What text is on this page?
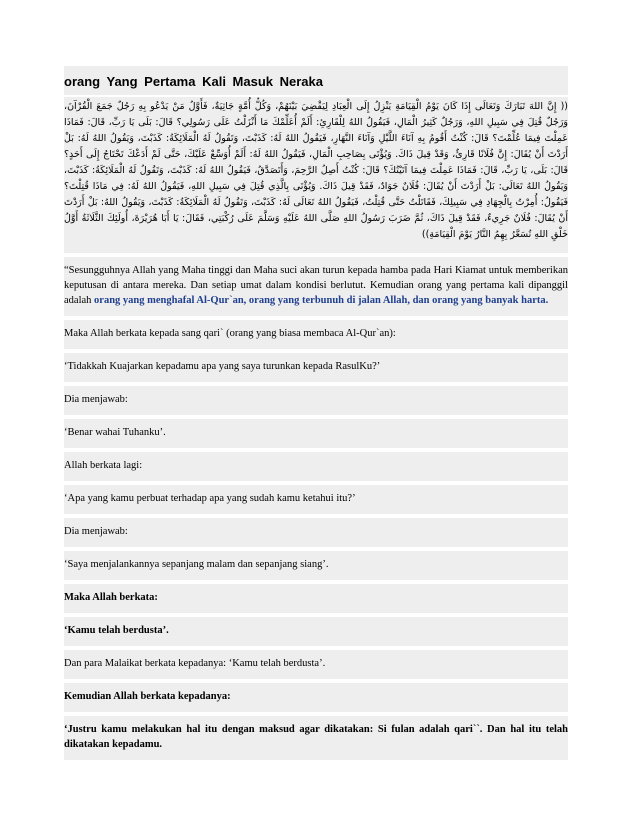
orang Yang Pertama Kali Masuk Neraka
(( إِنَّ اللهَ تَبَارَكَ وَتَعَالَى إِذَا كَانَ يَوْمُ الْقِيَامَةِ يَنْزِلُ إِلَى الْعِبَادِ لِيَقْضِيَ بَيْنَهُمْ، وَكُلُّ أُمَّةٍ جَاثِيَةٌ، فَأَوَّلُ مَنْ يَدْعُو بِهِ رَجُلٌ جَمَعَ الْقُرْآنَ، وَرَجُلٌ قُتِلَ فِي سَبِيلِ اللهِ، وَرَجُلٌ كَثِيرُ الْمَالِ، فَيَقُولُ اللهُ لِلْقَارِئِ: أَلَمْ أُعَلِّمْكَ مَا أَنْزَلْتُ عَلَى رَسُولِي؟ قَالَ: بَلَى يَا رَبِّ، قَالَ: فَمَاذَا عَمِلْتَ فِيمَا عُلِّمْتَ؟ قَالَ: كُنْتُ أَقُومُ بِهِ آنَاءَ اللَّيْلِ وَآنَاءَ النَّهَارِ، فَيَقُولُ اللهُ لَهُ: كَذَبْتَ، وَتَقُولُ لَهُ الْمَلَائِكَةُ: كَذَبْتَ، وَيَقُولُ اللهُ لَهُ: بَلْ أَرَدْتَ أَنْ يُقَالَ: إِنَّ فُلَانًا قَارِئٌ، وَقَدْ قِيلَ ذَاكَ. وَيُؤْتَى بِصَاحِبِ الْمَالِ، فَيَقُولُ اللهُ لَهُ: أَلَمْ أُوَسِّعْ عَلَيْكَ، حَتَّى لَمْ أَدَعْكَ تَحْتَاجُ إِلَى أَحَدٍ؟ قَالَ: بَلَى، يَا رَبِّ، قَالَ: فَمَاذَا عَمِلْتَ فِيمَا آتَيْتُكَ؟ قَالَ: كُنْتُ أَصِلُ الرَّحِمَ، وَأَتَصَدَّقُ، فَيَقُولُ اللهُ لَهُ: كَذَبْتَ، وَتَقُولُ لَهُ الْمَلَائِكَةُ: كَذَبْتَ، وَيَقُولُ اللهُ تَعَالَى: بَلْ أَرَدْتَ أَنْ يُقَالَ: فُلَانٌ جَوَادٌ، فَقَدْ قِيلَ ذَاكَ. وَيُؤْتَى بِالَّذِي قُتِلَ فِي سَبِيلِ اللهِ، فَيَقُولُ اللهُ لَهُ: فِي مَاذَا قُتِلْتَ؟ فَيَقُولُ: أُمِرْتُ بِالْجِهَادِ فِي سَبِيلِكَ، فَقَاتَلْتُ حَتَّى قُتِلْتُ، فَيَقُولُ اللهُ تَعَالَى لَهُ: كَذَبْتَ، وَتَقُولُ لَهُ الْمَلَائِكَةُ: كَذَبْتَ، وَيَقُولُ اللهُ: بَلْ أَرَدْتَ أَنْ يُقَالَ: فُلَانٌ جَرِيءٌ، فَقَدْ قِيلَ ذَاكَ، ثُمَّ ضَرَبَ رَسُولُ اللهِ صَلَّى اللهُ عَلَيْهِ وَسَلَّمَ عَلَى رُكْبَتِي، فَقَالَ: يَا أَبَا هُرَيْرَةَ، أُولَئِكَ الثَّلَاثَةُ أَوَّلُ خَلْقِ اللهِ تُسَعَّرُ بِهِمُ النَّارُ يَوْمَ الْقِيَامَةِ))
“Sesungguhnya Allah yang Maha tinggi dan Maha suci akan turun kepada hamba pada Hari Kiamat untuk memberikan keputusan di antara mereka. Dan setiap umat dalam kondisi berlutut. Kemudian orang yang pertama kali dipanggil adalah orang yang menghafal Al-Qur`an, orang yang terbunuh di jalan Allah, dan orang yang banyak harta.
Maka Allah berkata kepada sang qari` (orang yang biasa membaca Al-Qur`an):
‘Tidakkah Kuajarkan kepadamu apa yang saya turunkan kepada RasulKu?’
Dia menjawab:
‘Benar wahai Tuhanku’.
Allah berkata lagi:
‘Apa yang kamu perbuat terhadap apa yang sudah kamu ketahui itu?’
Dia menjawab:
‘Saya menjalankannya sepanjang malam dan sepanjang siang’.
Maka Allah berkata:
‘Kamu telah berdusta’.
Dan para Malaikat berkata kepadanya: ‘Kamu telah berdusta’.
Kemudian Allah berkata kepadanya:
‘Justru kamu melakukan hal itu dengan maksud agar dikatakan: Si fulan adalah qari``. Dan hal itu telah dikatakan kepadamu.
